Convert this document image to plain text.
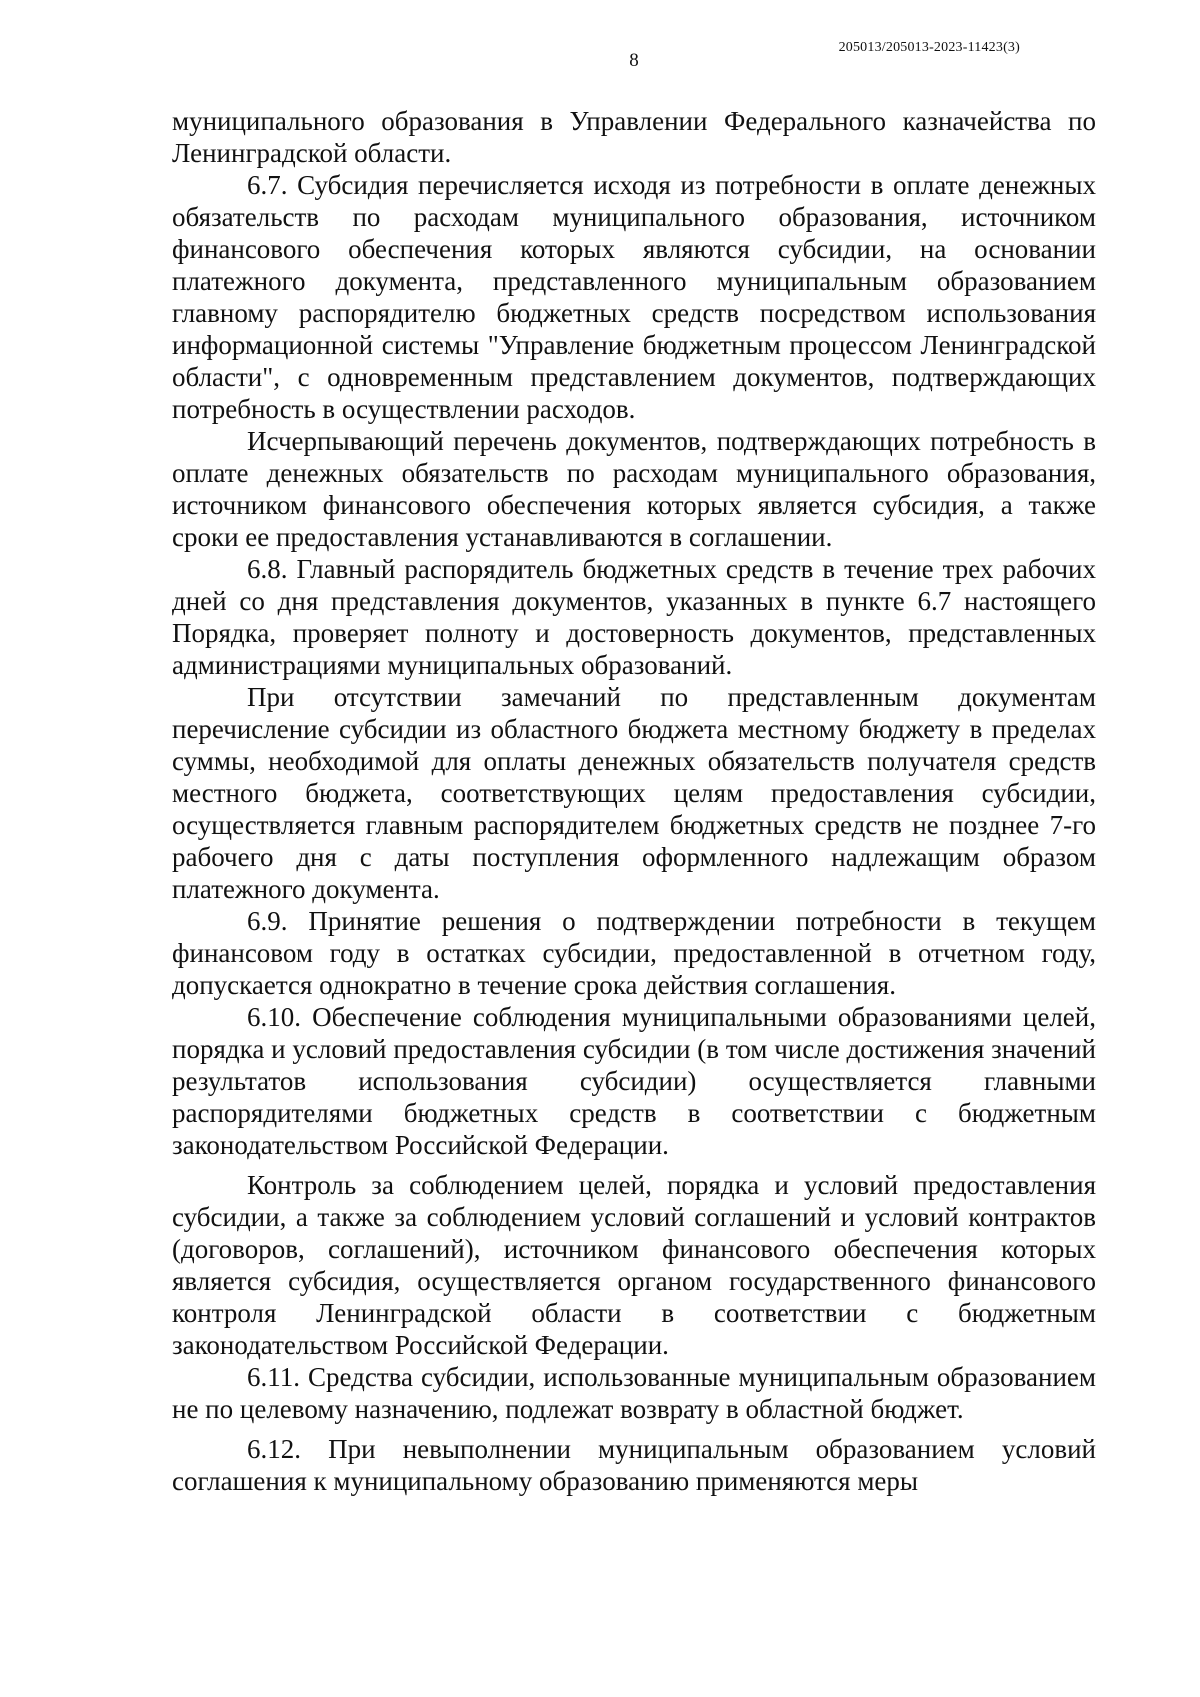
205013/205013-2023-11423(3)
8

муниципального образования в Управлении Федерального казначейства по Ленинградской области.

6.7. Субсидия перечисляется исходя из потребности в оплате денежных обязательств по расходам муниципального образования, источником финансового обеспечения которых являются субсидии, на основании платежного документа, представленного муниципальным образованием главному распорядителю бюджетных средств посредством использования информационной системы "Управление бюджетным процессом Ленинградской области", с одновременным представлением документов, подтверждающих потребность в осуществлении расходов.

Исчерпывающий перечень документов, подтверждающих потребность в оплате денежных обязательств по расходам муниципального образования, источником финансового обеспечения которых является субсидия, а также сроки ее предоставления устанавливаются в соглашении.

6.8. Главный распорядитель бюджетных средств в течение трех рабочих дней со дня представления документов, указанных в пункте 6.7 настоящего Порядка, проверяет полноту и достоверность документов, представленных администрациями муниципальных образований.

При отсутствии замечаний по представленным документам перечисление субсидии из областного бюджета местному бюджету в пределах суммы, необходимой для оплаты денежных обязательств получателя средств местного бюджета, соответствующих целям предоставления субсидии, осуществляется главным распорядителем бюджетных средств не позднее 7-го рабочего дня с даты поступления оформленного надлежащим образом платежного документа.

6.9. Принятие решения о подтверждении потребности в текущем финансовом году в остатках субсидии, предоставленной в отчетном году, допускается однократно в течение срока действия соглашения.

6.10. Обеспечение соблюдения муниципальными образованиями целей, порядка и условий предоставления субсидии (в том числе достижения значений результатов использования субсидии) осуществляется главными распорядителями бюджетных средств в соответствии с бюджетным законодательством Российской Федерации.

Контроль за соблюдением целей, порядка и условий предоставления субсидии, а также за соблюдением условий соглашений и условий контрактов (договоров, соглашений), источником финансового обеспечения которых является субсидия, осуществляется органом государственного финансового контроля Ленинградской области в соответствии с бюджетным законодательством Российской Федерации.

6.11. Средства субсидии, использованные муниципальным образованием не по целевому назначению, подлежат возврату в областной бюджет.

6.12. При невыполнении муниципальным образованием условий соглашения к муниципальному образованию применяются меры
